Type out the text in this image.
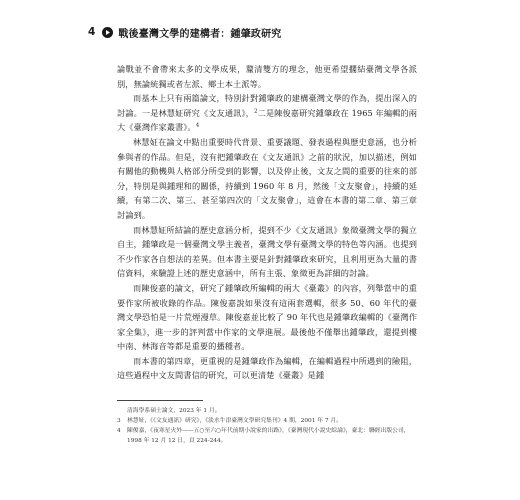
4 戰後臺灣文學的建構者：鍾肇政研究

論戰並不會帶來太多的文學成果，釐清雙方的理念，他更希望擱結臺灣文學各派別，無論統獨或者左派、鄉土本土派等。

而基本上只有兩篇論文，特別針對鍾肇政的建構臺灣文學的作為，提出深入的討論。一是林慧姃研究《文友通訊》，$^2$二是陳俊嘉研究鍾肇政在 1965 年編輯的兩大《臺灣作家叢書》。$^4$

林慧姃在論文中點出重要時代背景、重要議題、發表過程與歷史意涵，也分析參與者的作品。但是，沒有把鍾肇政在《文友通訊》之前的狀況，加以描述，例如有關他的動機與人格部分所受到的影響，以及停止後，文友之間的重要的往來的部分，特別是與鍾理和的關係，持續到 1960 年 8 月，然後「文友聚會」，持續的延續，有第二次、第三、甚至第四次的「文友聚會」，這會在本書的第二章、第三章討論到。

而林慧姃所結論的歷史意涵分析，提到不少《文友通訊》象徵臺灣文學的獨立自主，鍾肇政是一個臺灣文學主義者，臺灣文學有臺灣文學的特色等內涵。也提到不少作家各自想法的差異。但本書主要是針對鍾肇政來研究，且利用更為大量的書信資料，來驗證上述的歷史意涵中，所有主張、象徵更為詳細的討論。

而陳俊嘉的論文，研究了鍾肇政所編輯的兩大《臺叢》的內容，列舉當中的重要作家所被收錄的作品。陳俊嘉說如果沒有這兩套選輯，很多 50、60 年代的臺灣文學恐怕是一片荒煙漫草。陳俊嘉並比較了 90 年代也是鍾肇政編輯的《臺灣作家全集》，進一步的評判當中作家的文學進展。最後他不僅舉出鍾肇政，還提到樓中南、林海音等都是重要的播種者。

而本書的第四章，更重視的是鍾肇政作為編輯，在編輯過程中所遇到的險阻，這些過程中文友間書信的研究，可以更清楚《臺叢》是鍾

清海學系碩士論文，2023 年 1 月。
3	林慧姃，《《文友通訊》研究》，《淡水牛津臺灣文學研究集刊》4 期，2001 年 7 月。
4	陳俊嘉，《夜寒星火外——五○至六○年代前期小說家的出路》，《臺灣現代小說史綜論》，臺北：聯經出版公司，1998 年 12 月 12 日，頁 224-244。
